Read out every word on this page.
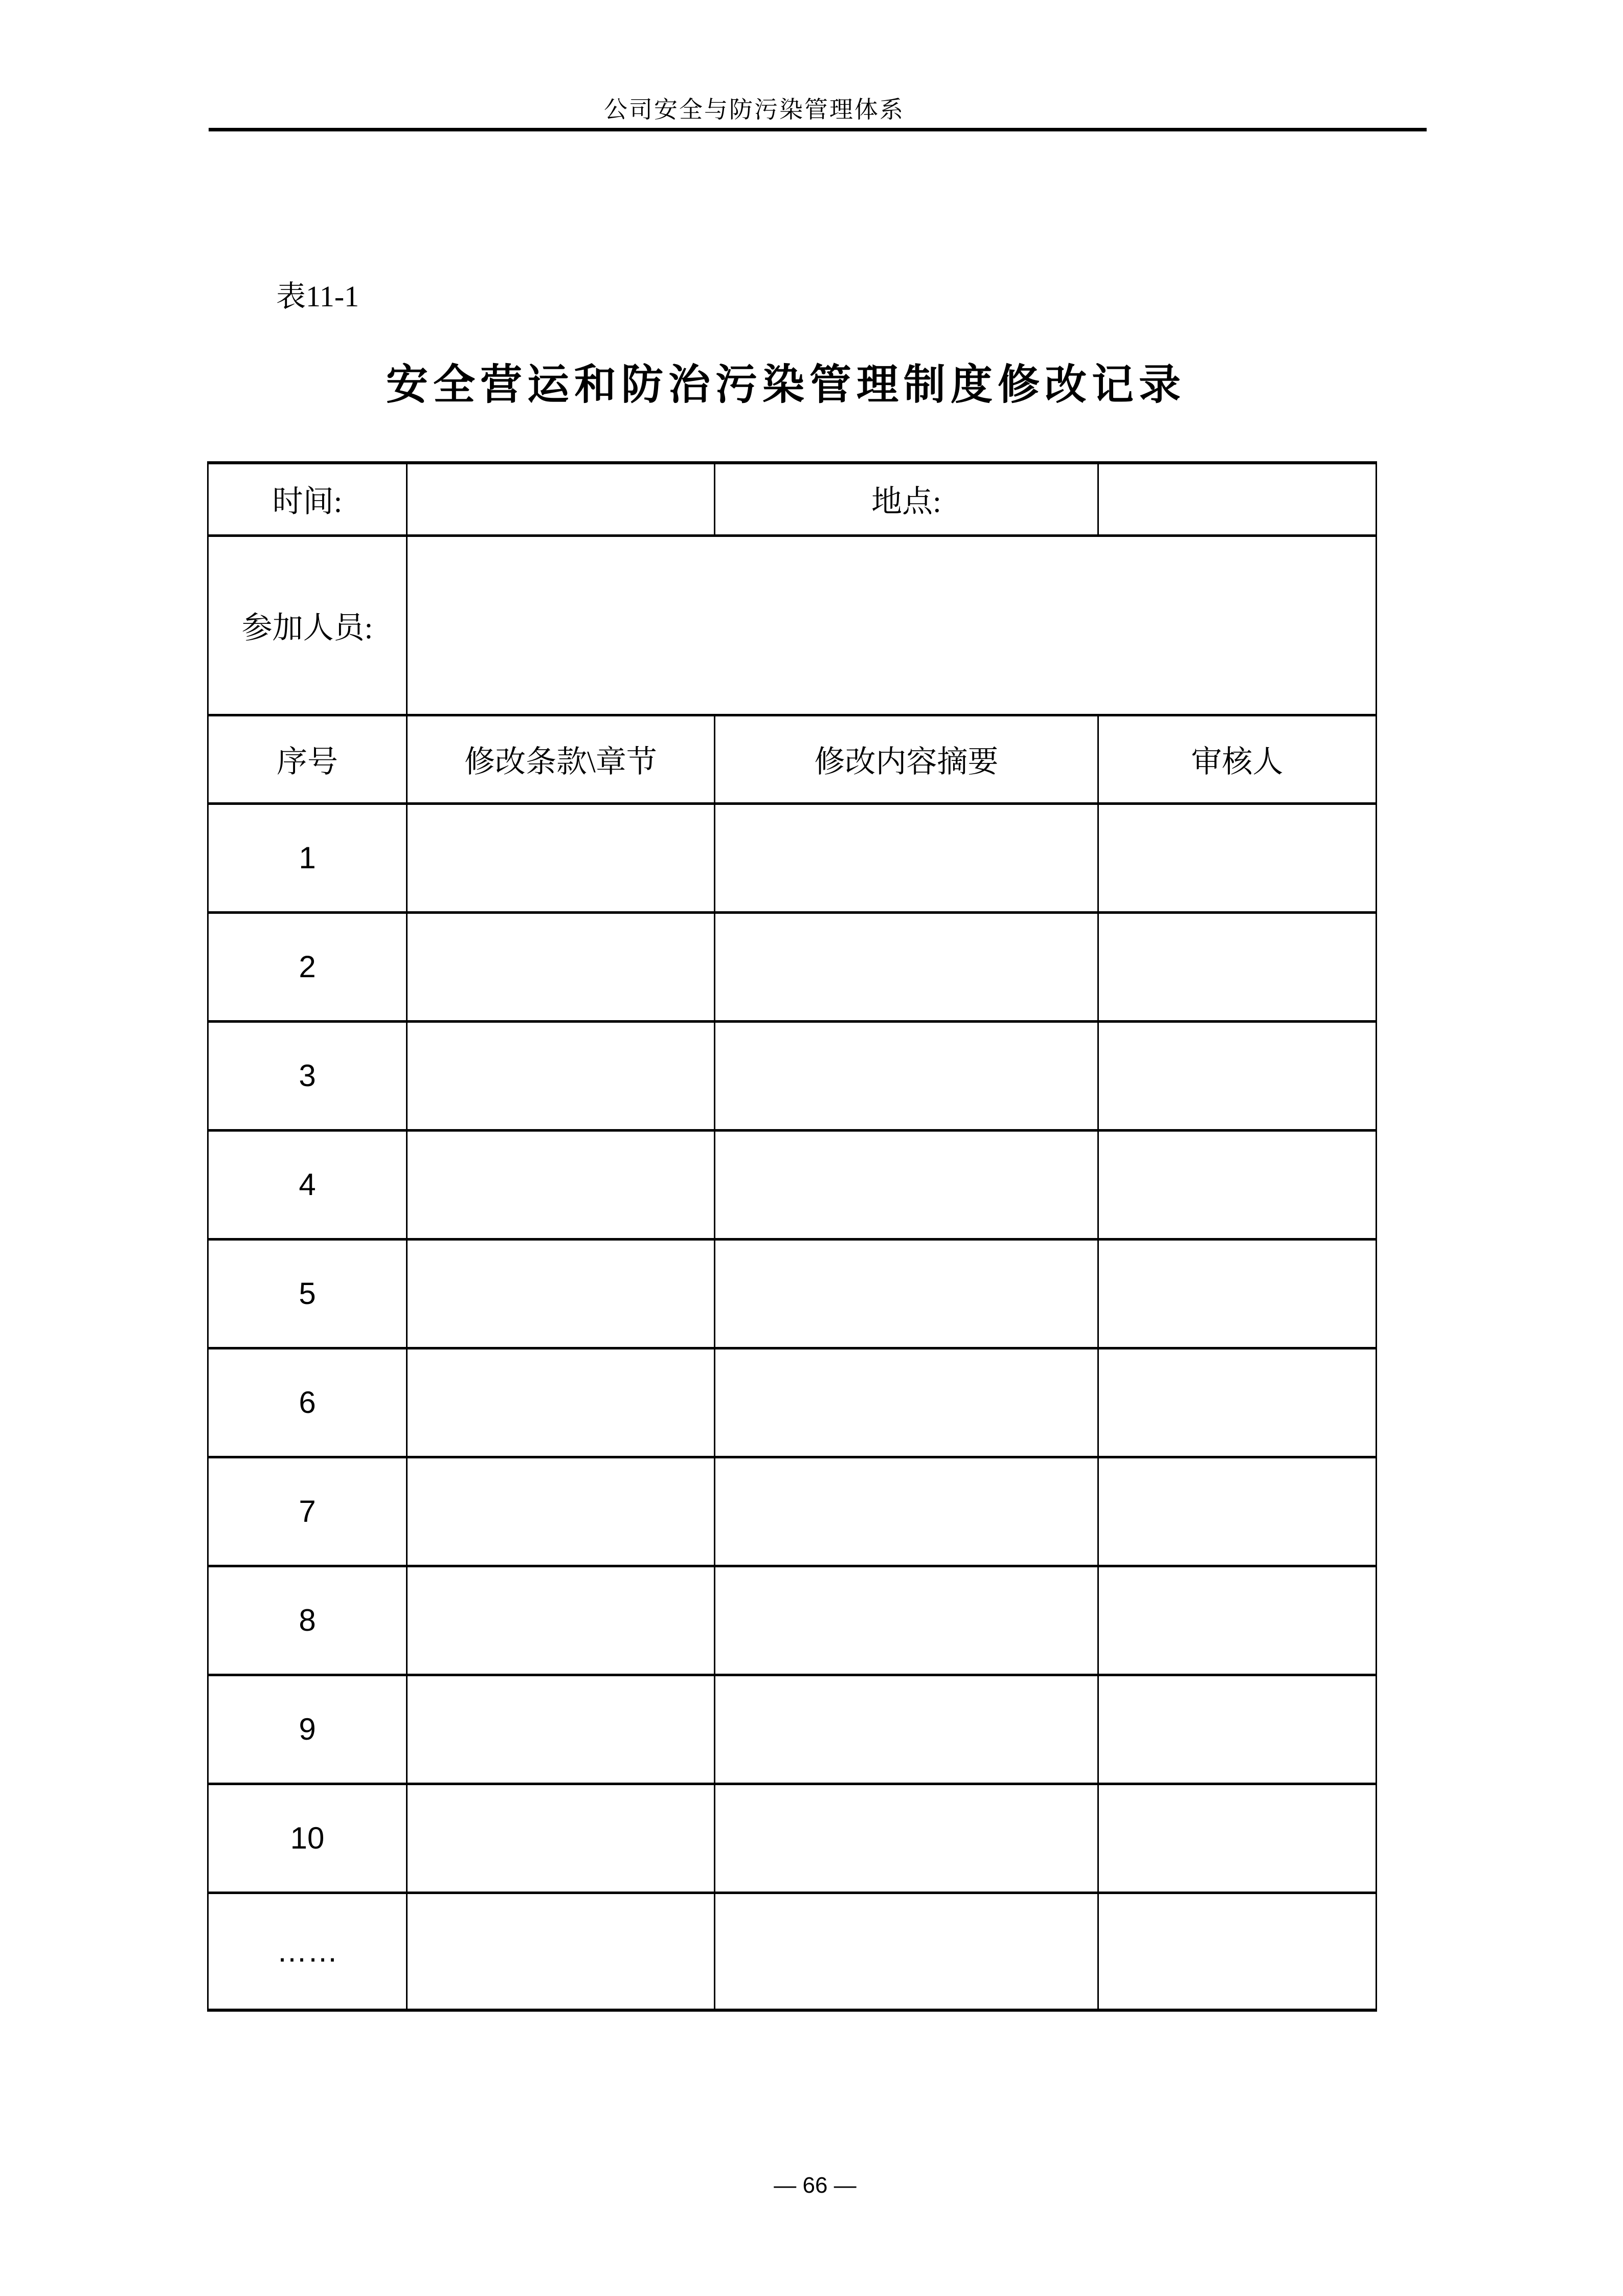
公司安全与防污染管理体系
表11-1
安全营运和防治污染管理制度修改记录
时间:		地点:	
参加人员:			
序号	修改条款\章节	修改内容摘要	审核人
1			
2			
3			
4			
5			
6			
7			
8			
9			
10			
……			
— 66 —
